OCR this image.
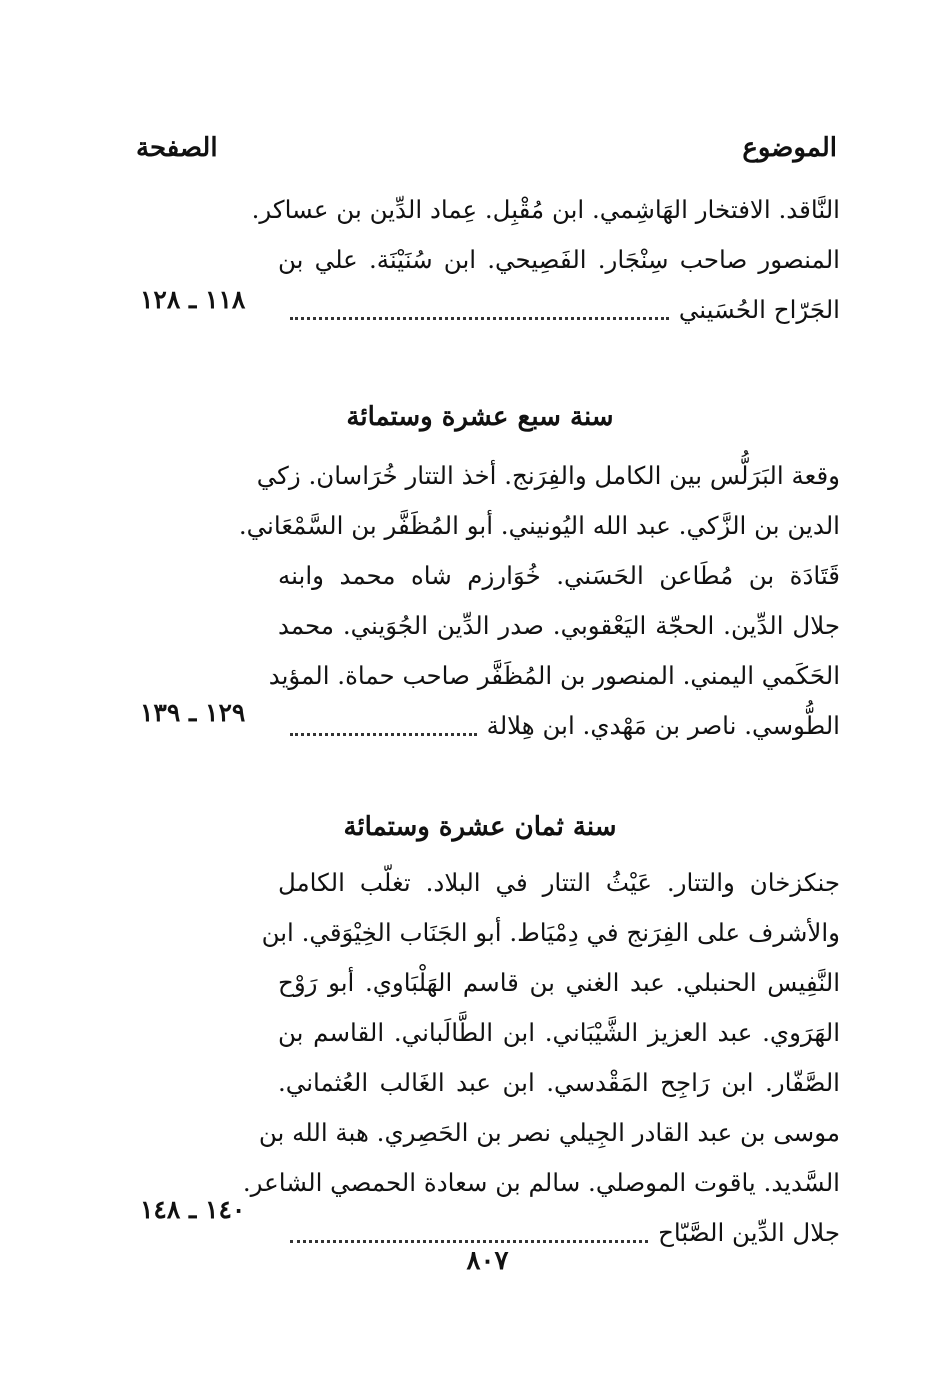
الموضوع
الصفحة
النَّاقد. الافتخار الهَاشِمي. ابن مُقْبِل. عِماد الدِّين بن عساكر.
المنصور صاحب سِنْجَار. الفَصِيحي. ابن سُنَيْنَة. علي بن
الجَرّاح الحُسَيني
١١٨ ـ ١٢٨
سنة سبع عشرة وستمائة
وقعة البَرَلُّس بين الكامل والفِرَنج. أخذ التتار خُرَاسان. زكي
الدين بن الزَّكي. عبد الله اليُونيني. أبو المُظَفَّر بن السَّمْعَاني.
قَتَادَة بن مُطَاعن الحَسَني. خُوَارزم شاه محمد وابنه
جلال الدِّين. الحجّة اليَعْقوبي. صدر الدِّين الجُوَيني. محمد
الحَكَمي اليمني. المنصور بن المُظَفَّر صاحب حماة. المؤيد
الطُّوسي. ناصر بن مَهْدي. ابن هِلالة
١٢٩ ـ ١٣٩
سنة ثمان عشرة وستمائة
جنكزخان والتتار. عَيْثُ التتار في البلاد. تغلّب الكامل
والأشرف على الفِرَنج في دِمْيَاط. أبو الجَنَاب الخِيْوَقي. ابن
النَّفِيس الحنبلي. عبد الغني بن قاسم الهَلْبَاوي. أبو رَوْح
الهَرَوي. عبد العزيز الشَّيْبَاني. ابن الطَّالَباني. القاسم بن
الصَّفّار. ابن رَاجِح المَقْدسي. ابن عبد الغَالب العُثماني.
موسى بن عبد القادر الجِيلي نصر بن الحَصِري. هبة الله بن
السَّديد. ياقوت الموصلي. سالم بن سعادة الحمصي الشاعر.
جلال الدِّين الصَّبّاح
١٤٠ ـ ١٤٨
٨٠٧
